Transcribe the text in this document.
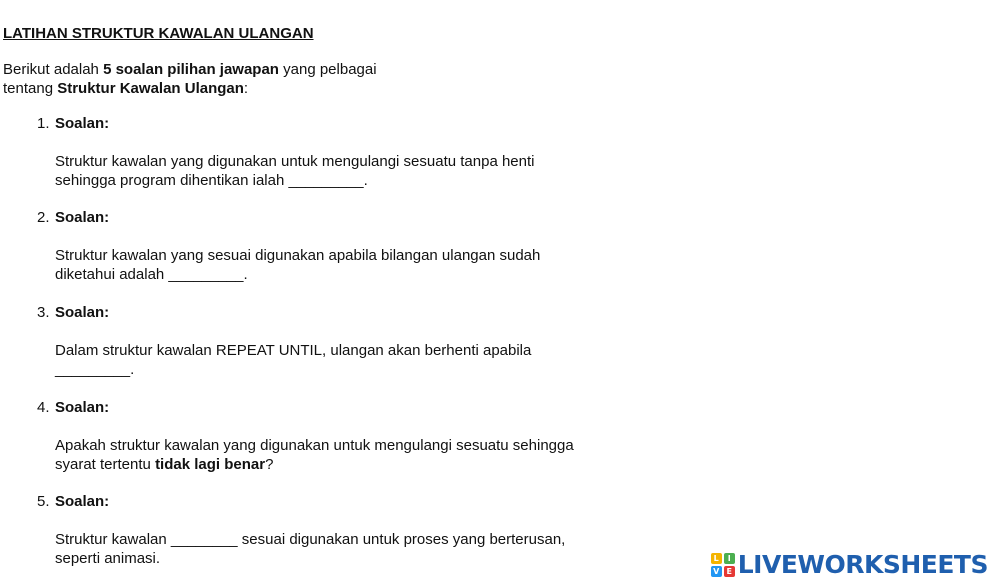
LATIHAN STRUKTUR KAWALAN ULANGAN
Berikut adalah 5 soalan pilihan jawapan yang pelbagai
tentang Struktur Kawalan Ulangan:
1. Soalan:
Struktur kawalan yang digunakan untuk mengulangi sesuatu tanpa henti
sehingga program dihentikan ialah _________.
2. Soalan:
Struktur kawalan yang sesuai digunakan apabila bilangan ulangan sudah
diketahui adalah _________.
3. Soalan:
Dalam struktur kawalan REPEAT UNTIL, ulangan akan berhenti apabila
_________.
4. Soalan:
Apakah struktur kawalan yang digunakan untuk mengulangi sesuatu sehingga
syarat tertentu tidak lagi benar?
5. Soalan:
Struktur kawalan ________ sesuai digunakan untuk proses yang berterusan,
seperti animasi.	L	I
V E LIVEWORKSHEETS
